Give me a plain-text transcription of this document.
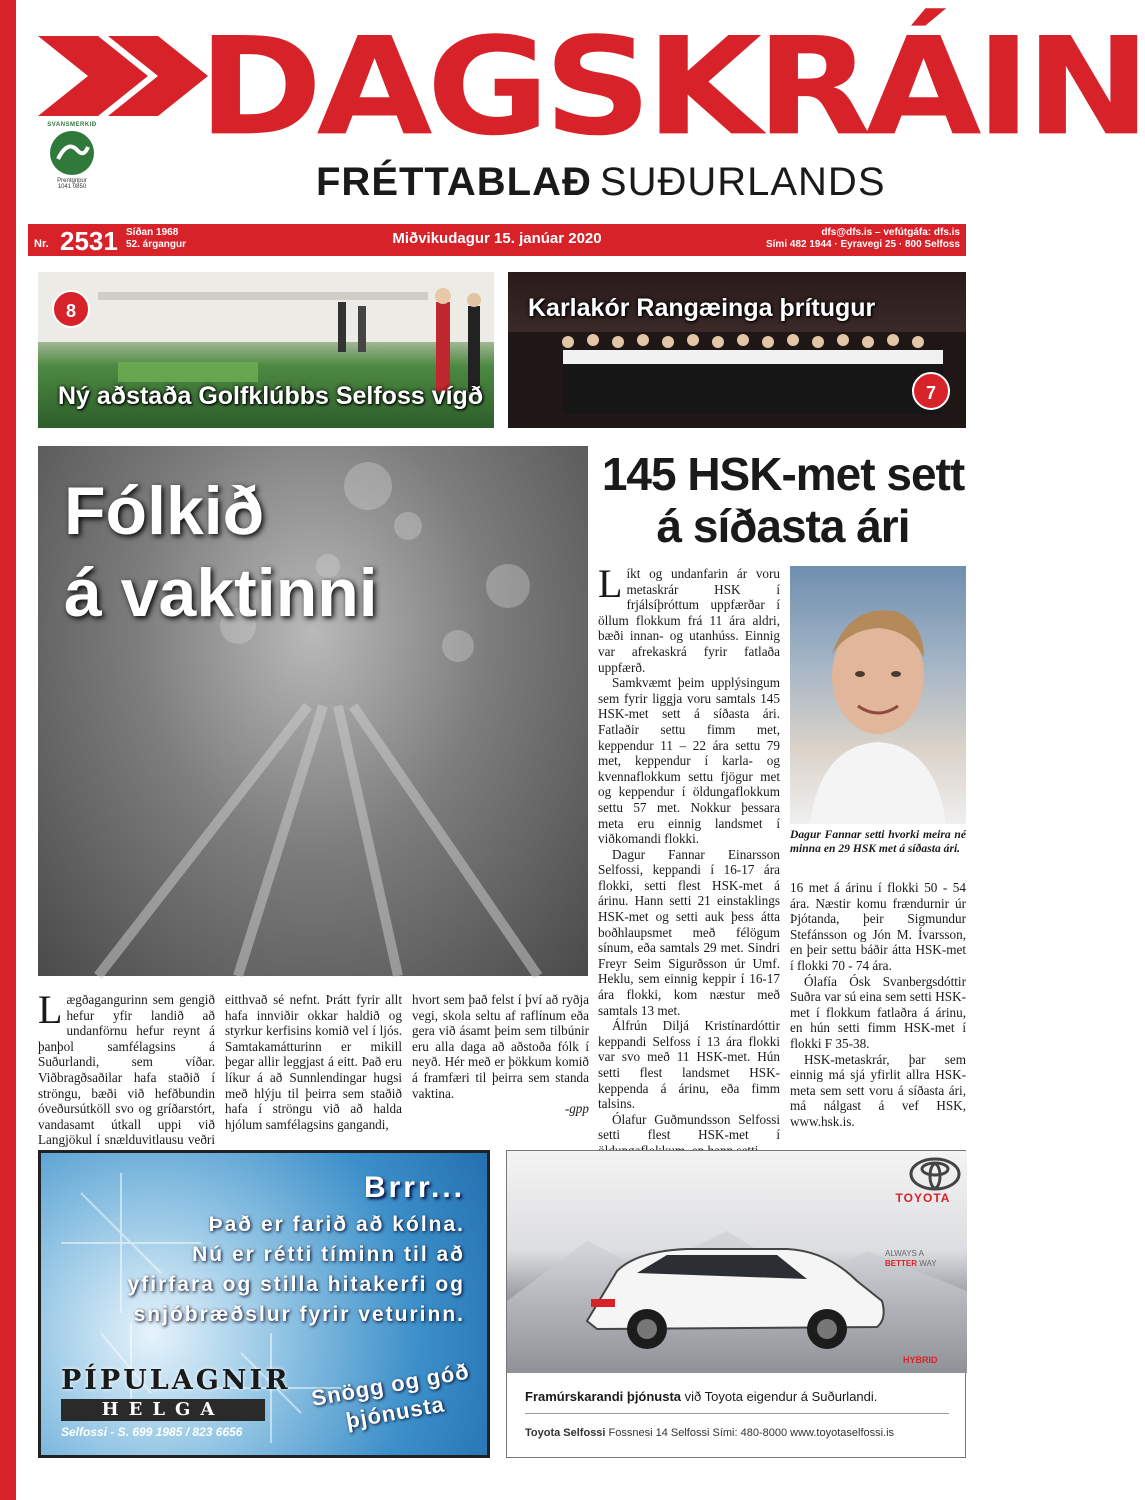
DAGSKRÁIN
FRÉTTABLAÐ SUÐURLANDS
SVANSMERKIÐ
Prentgripur
1041 0850
Nr. 2531 Síðan 1968
52. árgangur	Miðvikudagur 15. janúar 2020	dfs@dfs.is – vefútgáfa: dfs.is
Sími 482 1944 · Eyravegi 25 · 800 Selfoss
8
Ný aðstaða Golfklúbbs Selfoss vígð
Karlakór Rangæinga þrítugur
7
Fólkið
á vaktinni
Lægðagangurinn sem gengið hefur yfir landið að undanförnu hefur reynt á þanþol samfélagsins á Suðurlandi, sem víðar. Viðbragðsaðilar hafa staðið í ströngu, bæði við hefðbundin óveðursútköll svo og gríðarstórt, vandasamt útkall uppi við Langjökul í snælduvitlausu veðri
eitthvað sé nefnt. Þrátt fyrir allt hafa innviðir okkar haldið og styrkur kerfisins komið vel í ljós. Samtakamátturinn er mikill þegar allir leggjast á eitt. Það eru líkur á að Sunnlendingar hugsi með hlýju til þeirra sem staðið hafa í ströngu við að halda hjólum samfélagsins gangandi,
hvort sem það felst í því að ryðja vegi, skola seltu af raflínum eða gera við ásamt þeim sem tilbúnir eru alla daga að aðstoða fólk í neyð. Hér með er þökkum komið á framfæri til þeirra sem standa vaktina.
-gpp
145 HSK-met sett
á síðasta ári

Líkt og undanfarin ár voru metaskrár HSK í frjálsíþróttum uppfærðar í öllum flokkum frá 11 ára aldri, bæði innan- og utanhúss. Einnig var afrekaskrá fyrir fatlaða uppfærð.

Samkvæmt þeim upplýsingum sem fyrir liggja voru samtals 145 HSK-met sett á síðasta ári. Fatlaðir settu fimm met, keppendur 11 – 22 ára settu 79 met, keppendur í karla- og kvennaflokkum settu fjögur met og keppendur í öldungaflokkum settu 57 met. Nokkur þessara meta eru einnig landsmet í viðkomandi flokki.

Dagur Fannar Einarsson Selfossi, keppandi í 16-17 ára flokki, setti flest HSK-met á árinu. Hann setti 21 einstaklings HSK-met og setti auk þess átta boðhlaupsmet með félögum sínum, eða samtals 29 met. Sindri Freyr Seim Sigurðsson úr Umf. Heklu, sem einnig keppir í 16-17 ára flokki, kom næstur með samtals 13 met.

Álfrún Diljá Kristínardóttir keppandi Selfoss í 13 ára flokki var svo með 11 HSK-met. Hún setti flest landsmet HSK-keppenda á árinu, eða fimm talsins.

Ólafur Guðmundsson Selfossi setti flest HSK-met í

Dagur Fannar setti hvorki meira né minna en 29 HSK met á síðasta ári.

16 met á árinu í flokki 50 - 54 ára. Næstir komu frændurnir úr Þjótanda, þeir Sigmundur Stefánsson og Jón M. Ívarsson, en þeir settu báðir átta HSK-met í flokki 70 - 74 ára.

Ólafía Ósk Svanbergsdóttir Suðra var sú eina sem setti HSK-met í flokkum fatlaðra á árinu, en hún setti fimm HSK-met í flokki F 35-38.

HSK-metaskrár, þar sem einnig má sjá yfirlit allra HSK-meta sem sett voru á síðasta ári, má nálgast á vef HSK, www.hsk.is.

Brrr...
Það er farið að kólna.
Nú er rétti tíminn til að
yfirfara og stilla hitakerfi og
snjóbræðslur fyrir veturinn.
PÍPULAGNIR
HELGA
Selfossi - S. 699 1985 / 823 6656
Snögg og góð þjónusta
TOYOTA
ALWAYS A
BETTER WAY
HYBRID
Framúrskarandi þjónusta við Toyota eigendur á Suðurlandi.
Toyota Selfossi Fossnesi 14 Selfossi Sími: 480-8000 www.toyotaselfossi.is
